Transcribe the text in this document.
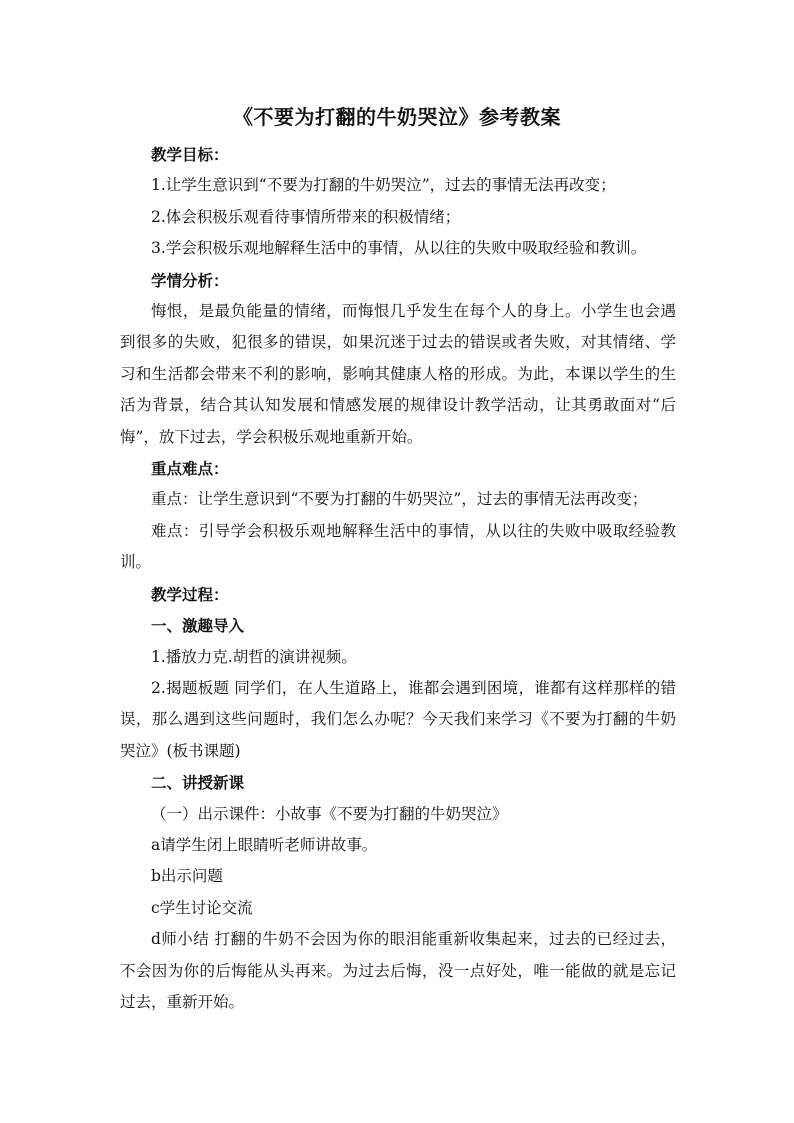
《不要为打翻的牛奶哭泣》参考教案

教学目标：

1.让学生意识到“不要为打翻的牛奶哭泣”，过去的事情无法再改变；

2.体会积极乐观看待事情所带来的积极情绪；

3.学会积极乐观地解释生活中的事情，从以往的失败中吸取经验和教训。

学情分析：

悔恨，是最负能量的情绪，而悔恨几乎发生在每个人的身上。小学生也会遇到很多的失败，犯很多的错误，如果沉迷于过去的错误或者失败，对其情绪、学习和生活都会带来不利的影响，影响其健康人格的形成。为此，本课以学生的生活为背景，结合其认知发展和情感发展的规律设计教学活动，让其勇敢面对“后悔”，放下过去，学会积极乐观地重新开始。

重点难点：

重点：让学生意识到“不要为打翻的牛奶哭泣”，过去的事情无法再改变；

难点：引导学会积极乐观地解释生活中的事情，从以往的失败中吸取经验教训。

教学过程：

一、激趣导入

1.播放力克.胡哲的演讲视频。

2.揭题板题 同学们，在人生道路上，谁都会遇到困境，谁都有这样那样的错误，那么遇到这些问题时，我们怎么办呢？今天我们来学习《不要为打翻的牛奶哭泣》(板书课题)

二、讲授新课

（一）出示课件：小故事《不要为打翻的牛奶哭泣》

a请学生闭上眼睛听老师讲故事。

b出示问题

c学生讨论交流

d师小结 打翻的牛奶不会因为你的眼泪能重新收集起来，过去的已经过去，不会因为你的后悔能从头再来。为过去后悔，没一点好处，唯一能做的就是忘记过去，重新开始。
